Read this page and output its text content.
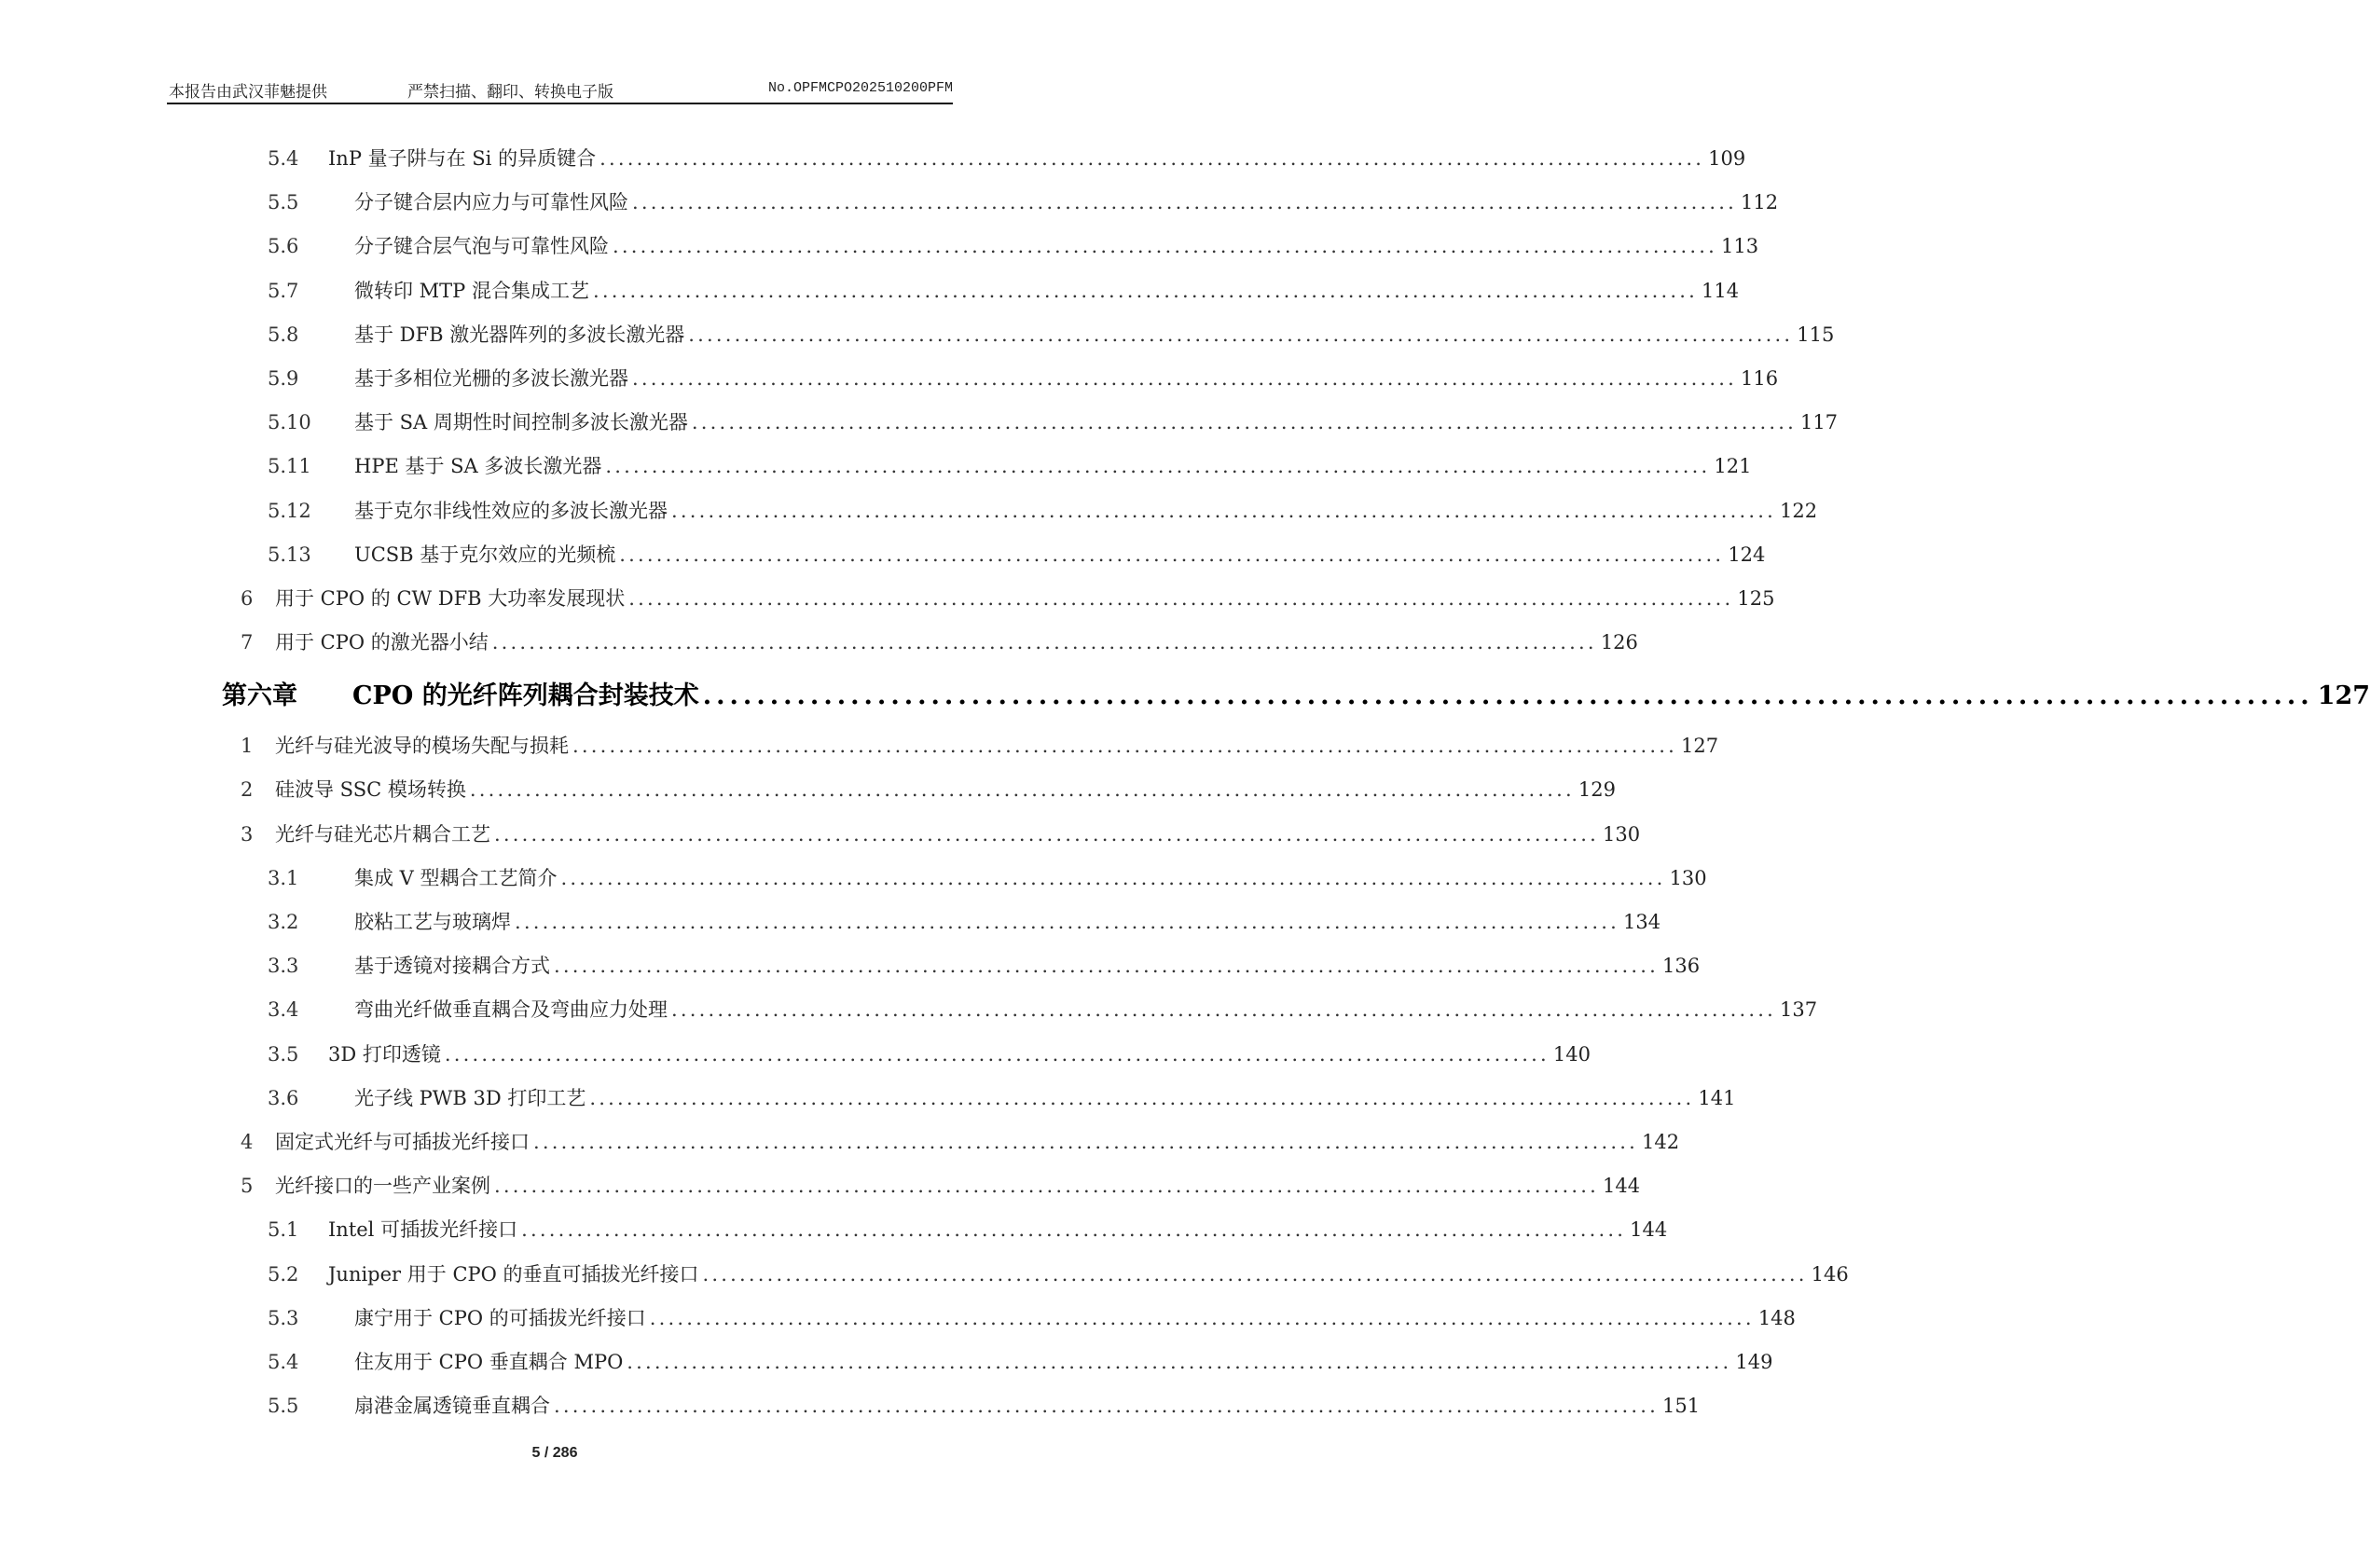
本报告由武汉菲魅提供	严禁扫描、翻印、转换电子版	No.OPFMCPO202510200PFM
5.4 InP 量子阱与在 Si 的异质键合 ........................................................................................................................ 109
5.5	分子键合层内应力与可靠性风险 ........................................................................................................................ 112
5.6	分子键合层气泡与可靠性风险 ........................................................................................................................ 113
5.7	微转印 MTP 混合集成工艺 ........................................................................................................................ 114
5.8	基于 DFB 激光器阵列的多波长激光器 ........................................................................................................................ 115
5.9	基于多相位光栅的多波长激光器 ........................................................................................................................ 116
5.10 基于 SA 周期性时间控制多波长激光器 ........................................................................................................................ 117
5.11 HPE 基于 SA 多波长激光器 ........................................................................................................................ 121
5.12 基于克尔非线性效应的多波长激光器 ........................................................................................................................ 122
5.13 UCSB 基于克尔效应的光频梳 ........................................................................................................................ 124
6 用于 CPO 的 CW DFB 大功率发展现状 ........................................................................................................................ 125
7 用于 CPO 的激光器小结 ........................................................................................................................ 126
第六章 CPO 的光纤阵列耦合封装技术 ........................................................................................................................ 127
1 光纤与硅光波导的模场失配与损耗 ........................................................................................................................ 127
2 硅波导 SSC 模场转换 ........................................................................................................................ 129
3 光纤与硅光芯片耦合工艺 ........................................................................................................................ 130
3.1	集成 V 型耦合工艺简介 ........................................................................................................................ 130
3.2	胶粘工艺与玻璃焊 ........................................................................................................................ 134
3.3	基于透镜对接耦合方式 ........................................................................................................................ 136
3.4	弯曲光纤做垂直耦合及弯曲应力处理 ........................................................................................................................ 137
3.5 3D 打印透镜 ........................................................................................................................ 140
3.6	光子线 PWB 3D 打印工艺 ........................................................................................................................ 141
4 固定式光纤与可插拔光纤接口 ........................................................................................................................ 142
5 光纤接口的一些产业案例 ........................................................................................................................ 144
5.1 Intel 可插拔光纤接口 ........................................................................................................................ 144
5.2 Juniper 用于 CPO 的垂直可插拔光纤接口 ........................................................................................................................ 146
5.3	康宁用于 CPO 的可插拔光纤接口 ........................................................................................................................ 148
5.4	住友用于 CPO 垂直耦合 MPO ........................................................................................................................ 149
5.5	扇港金属透镜垂直耦合 ........................................................................................................................ 151
5 / 286
